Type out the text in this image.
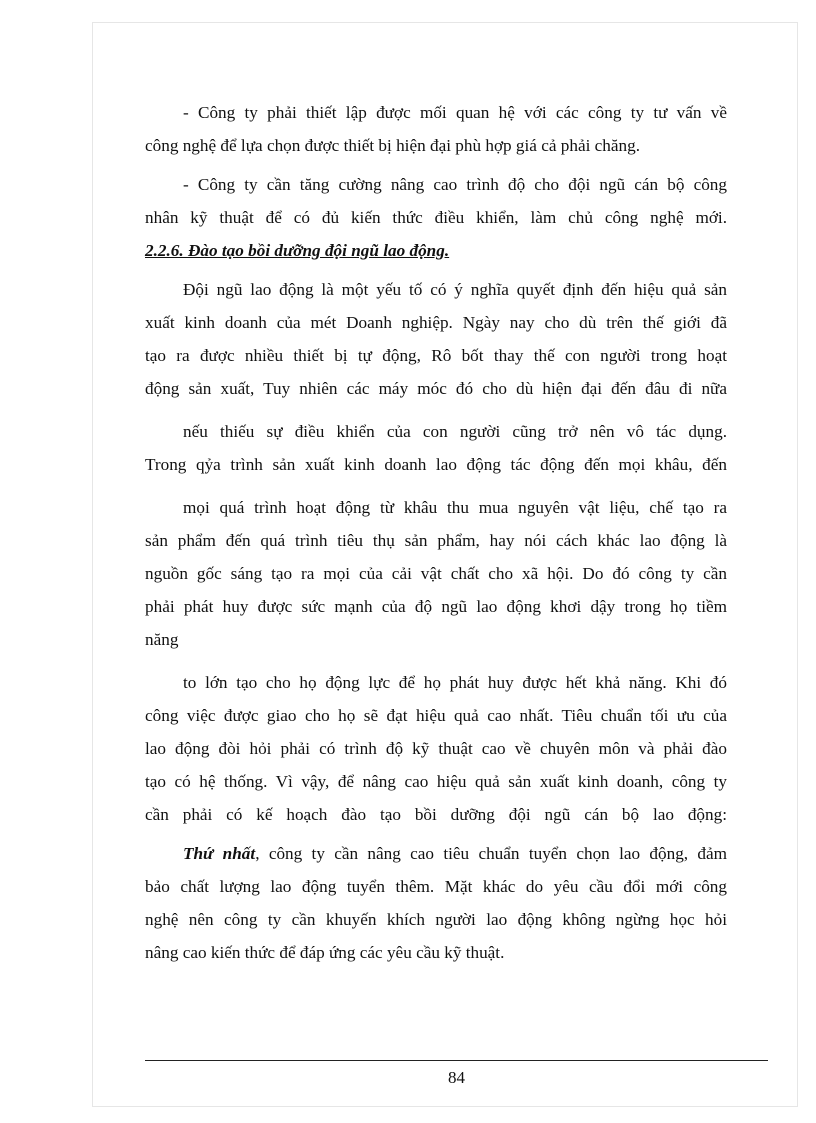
- Công ty phải thiết lập được mối quan hệ với các công ty tư vấn về
công nghệ để lựa chọn được thiết bị hiện đại phù hợp giá cả phải chăng.
- Công ty cần tăng cường nâng cao trình độ cho đội ngũ cán bộ công
nhân kỹ thuật để có đủ kiến thức điều khiển, làm chủ công nghệ mới.
2.2.6. Đào tạo bồi dưỡng đội ngũ lao động.
Đội ngũ lao động là một yếu tố có ý nghĩa quyết định đến hiệu quả sản
xuất kinh doanh của mét Doanh nghiệp. Ngày nay cho dù trên thế giới đã
tạo ra được nhiều thiết bị tự động, Rô bốt thay thế con người trong hoạt
động sản xuất, Tuy nhiên các máy móc đó cho dù hiện đại đến đâu đi nữa
nếu thiếu sự điều khiển của con người cũng trở nên vô tác dụng.
Trong qỷa trình sản xuất kinh doanh lao động tác động đến mọi khâu, đến
mọi quá trình hoạt động từ khâu thu mua nguyên vật liệu, chế tạo ra
sản phẩm đến quá trình tiêu thụ sản phẩm, hay nói cách khác lao động là
nguồn gốc sáng tạo ra mọi của cải vật chất cho xã hội. Do đó công ty cần
phải phát huy được sức mạnh của độ ngũ lao động khơi dậy trong họ tiềm
năng
to lớn tạo cho họ động lực để họ phát huy được hết khả năng. Khi đó
công việc được giao cho họ sẽ đạt hiệu quả cao nhất. Tiêu chuẩn tối ưu của
lao động đòi hỏi phải có trình độ kỹ thuật cao về chuyên môn và phải đào
tạo có hệ thống. Vì vậy, để nâng cao hiệu quả sản xuất kinh doanh, công ty
cần phải có kế hoạch đào tạo bồi dưỡng đội ngũ cán bộ lao động:
Thứ nhất, công ty cần nâng cao tiêu chuẩn tuyển chọn lao động, đảm
bảo chất lượng lao động tuyển thêm. Mặt khác do yêu cầu đổi mới công
nghệ nên công ty cần khuyến khích người lao động không ngừng học hỏi
nâng cao kiến thức để đáp ứng các yêu cầu kỹ thuật.
84
